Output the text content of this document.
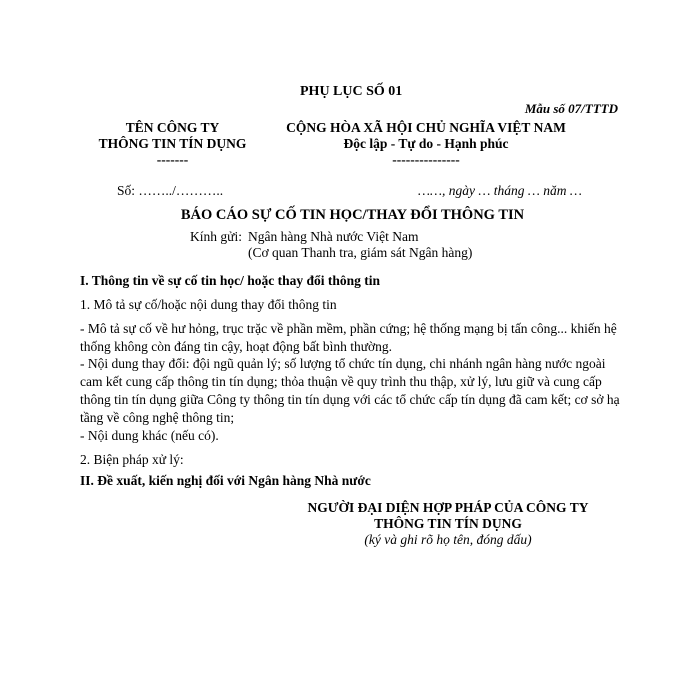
PHỤ LỤC SỐ 01
Mẫu số 07/TTTD
TÊN CÔNG TY
THÔNG TIN TÍN DỤNG
-------
CỘNG HÒA XÃ HỘI CHỦ NGHĨA VIỆT NAM
Độc lập - Tự do - Hạnh phúc
---------------
Số: ……../………..	……, ngày … tháng … năm …
BÁO CÁO SỰ CỐ TIN HỌC/THAY ĐỔI THÔNG TIN
Kính gửi: Ngân hàng Nhà nước Việt Nam
(Cơ quan Thanh tra, giám sát Ngân hàng)
I. Thông tin về sự cố tin học/ hoặc thay đổi thông tin
1. Mô tả sự cố/hoặc nội dung thay đổi thông tin
- Mô tả sự cố về hư hỏng, trục trặc về phần mềm, phần cứng; hệ thống mạng bị tấn công... khiến hệ thống không còn đáng tin cậy, hoạt động bất bình thường.
- Nội dung thay đổi: đội ngũ quản lý; số lượng tổ chức tín dụng, chi nhánh ngân hàng nước ngoài cam kết cung cấp thông tin tín dụng; thỏa thuận về quy trình thu thập, xử lý, lưu giữ và cung cấp thông tin tín dụng giữa Công ty thông tin tín dụng với các tổ chức cấp tín dụng đã cam kết; cơ sở hạ tầng về công nghệ thông tin;
- Nội dung khác (nếu có).
2. Biện pháp xử lý:
II. Đề xuất, kiến nghị đối với Ngân hàng Nhà nước
NGƯỜI ĐẠI DIỆN HỢP PHÁP CỦA CÔNG TY
THÔNG TIN TÍN DỤNG
(ký và ghi rõ họ tên, đóng dấu)
